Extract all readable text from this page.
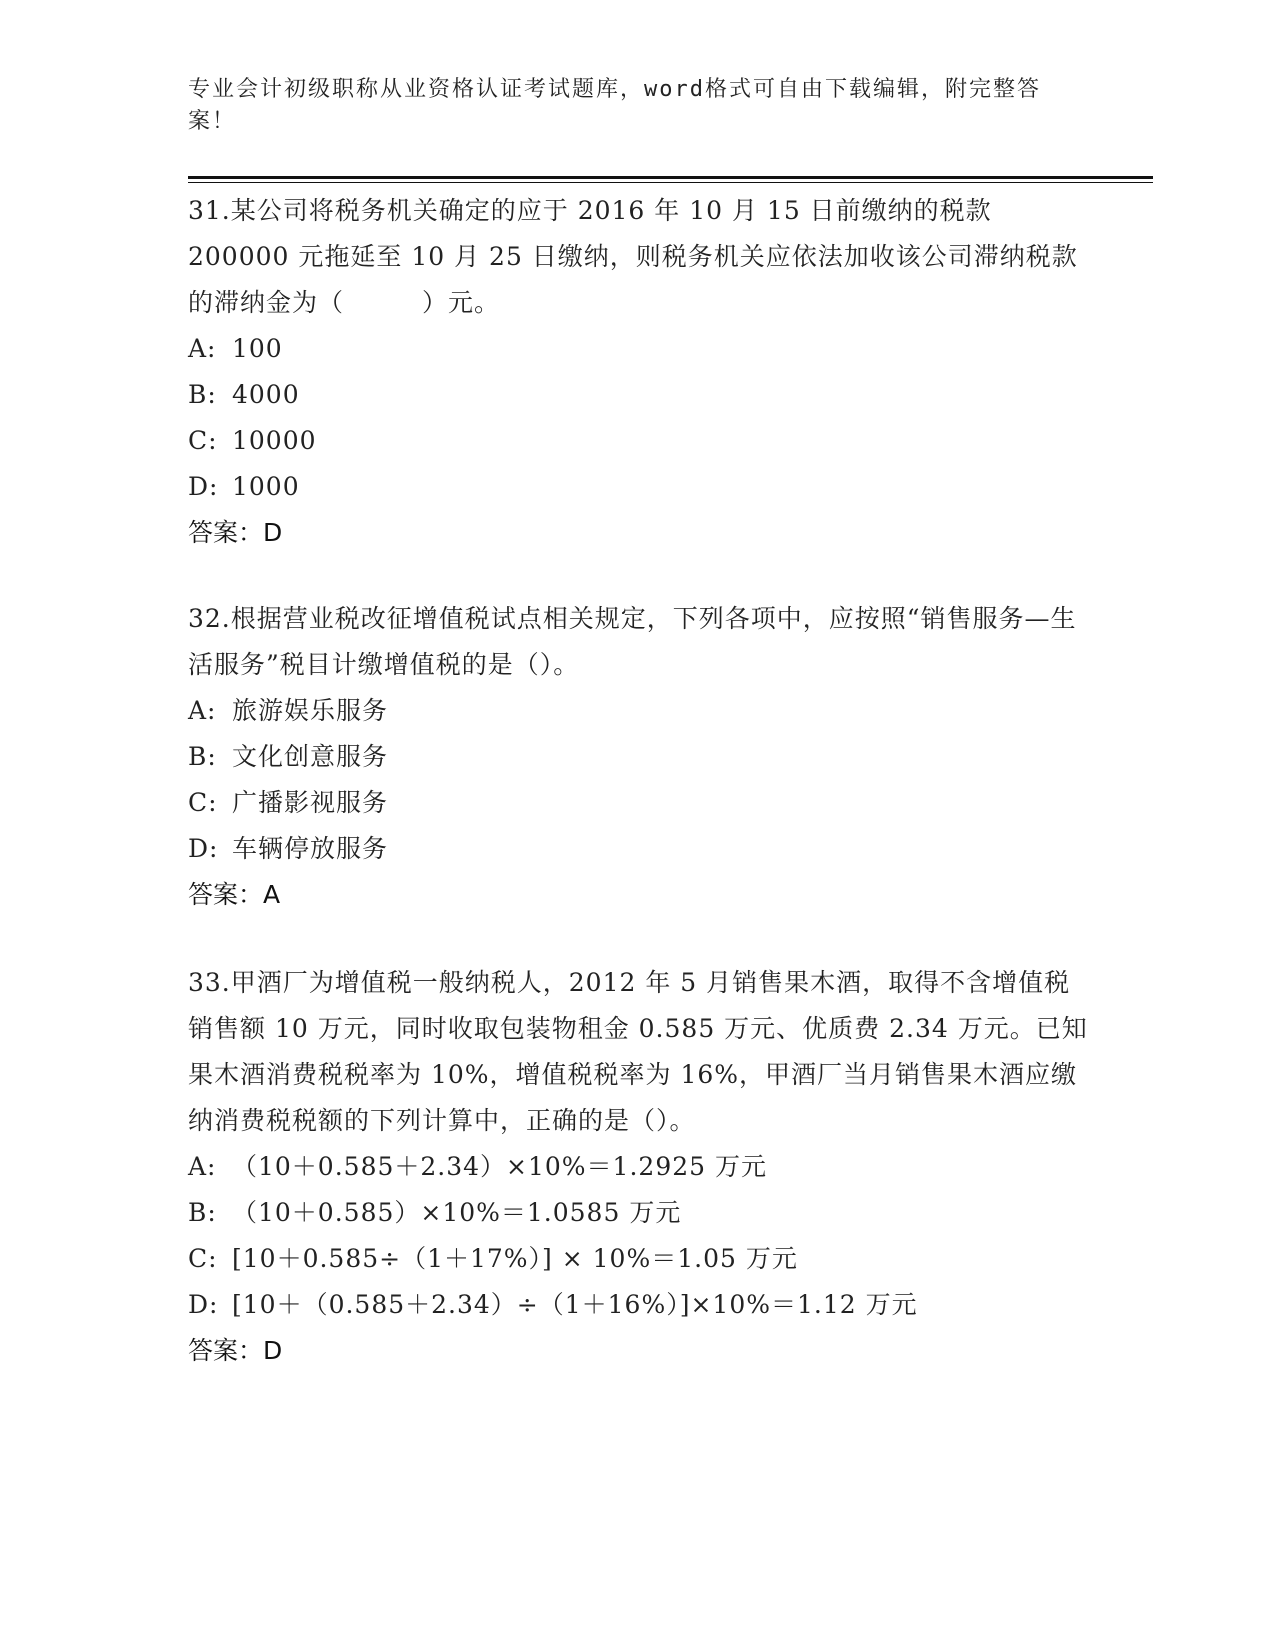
专业会计初级职称从业资格认证考试题库，word格式可自由下载编辑，附完整答案！
31.某公司将税务机关确定的应于 2016 年 10 月 15 日前缴纳的税款 200000 元拖延至 10 月 25 日缴纳，则税务机关应依法加收该公司滞纳税款的滞纳金为（　　　）元。
A: 100
B: 4000
C: 10000
D: 1000
答案：D
32.根据营业税改征增值税试点相关规定，下列各项中，应按照“销售服务—生活服务”税目计缴增值税的是（）。
A: 旅游娱乐服务
B: 文化创意服务
C: 广播影视服务
D: 车辆停放服务
答案：A
33.甲酒厂为增值税一般纳税人，2012 年 5 月销售果木酒，取得不含增值税销售额 10 万元，同时收取包装物租金 0.585 万元、优质费 2.34 万元。已知果木酒消费税税率为 10%，增值税税率为 16%，甲酒厂当月销售果木酒应缴纳消费税税额的下列计算中，正确的是（）。
A: （10＋0.585＋2.34）×10%＝1.2925 万元
B: （10＋0.585）×10%＝1.0585 万元
C: [10＋0.585÷（1＋17%）] × 10%＝1.05 万元
D: [10＋（0.585＋2.34）÷（1＋16%）]×10%＝1.12 万元
答案：D
